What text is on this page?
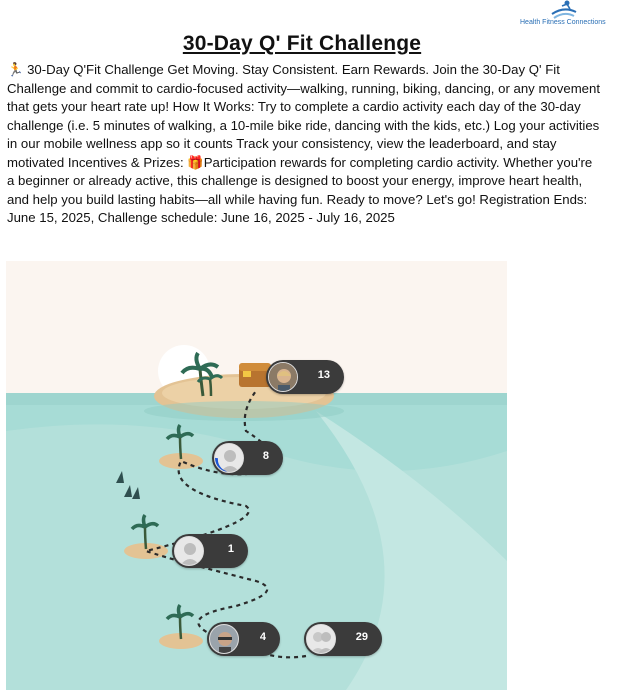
Health Fitness Connections
30-Day Q' Fit Challenge
🏃 30-Day Q'Fit Challenge Get Moving. Stay Consistent. Earn Rewards. Join the 30-Day Q' Fit Challenge and commit to cardio-focused activity—walking, running, biking, dancing, or any movement that gets your heart rate up! How It Works: Try to complete a cardio activity each day of the 30-day challenge (i.e. 5 minutes of walking, a 10-mile bike ride, dancing with the kids, etc.) Log your activities in our mobile wellness app so it counts Track your consistency, view the leaderboard, and stay motivated Incentives & Prizes: 🎁Participation rewards for completing cardio activity. Whether you're a beginner or already active, this challenge is designed to boost your energy, improve heart health, and help you build lasting habits—all while having fun. Ready to move? Let's go! Registration Ends: June 15, 2025, Challenge schedule: June 16, 2025 - July 16, 2025
13
8
1
4	29
